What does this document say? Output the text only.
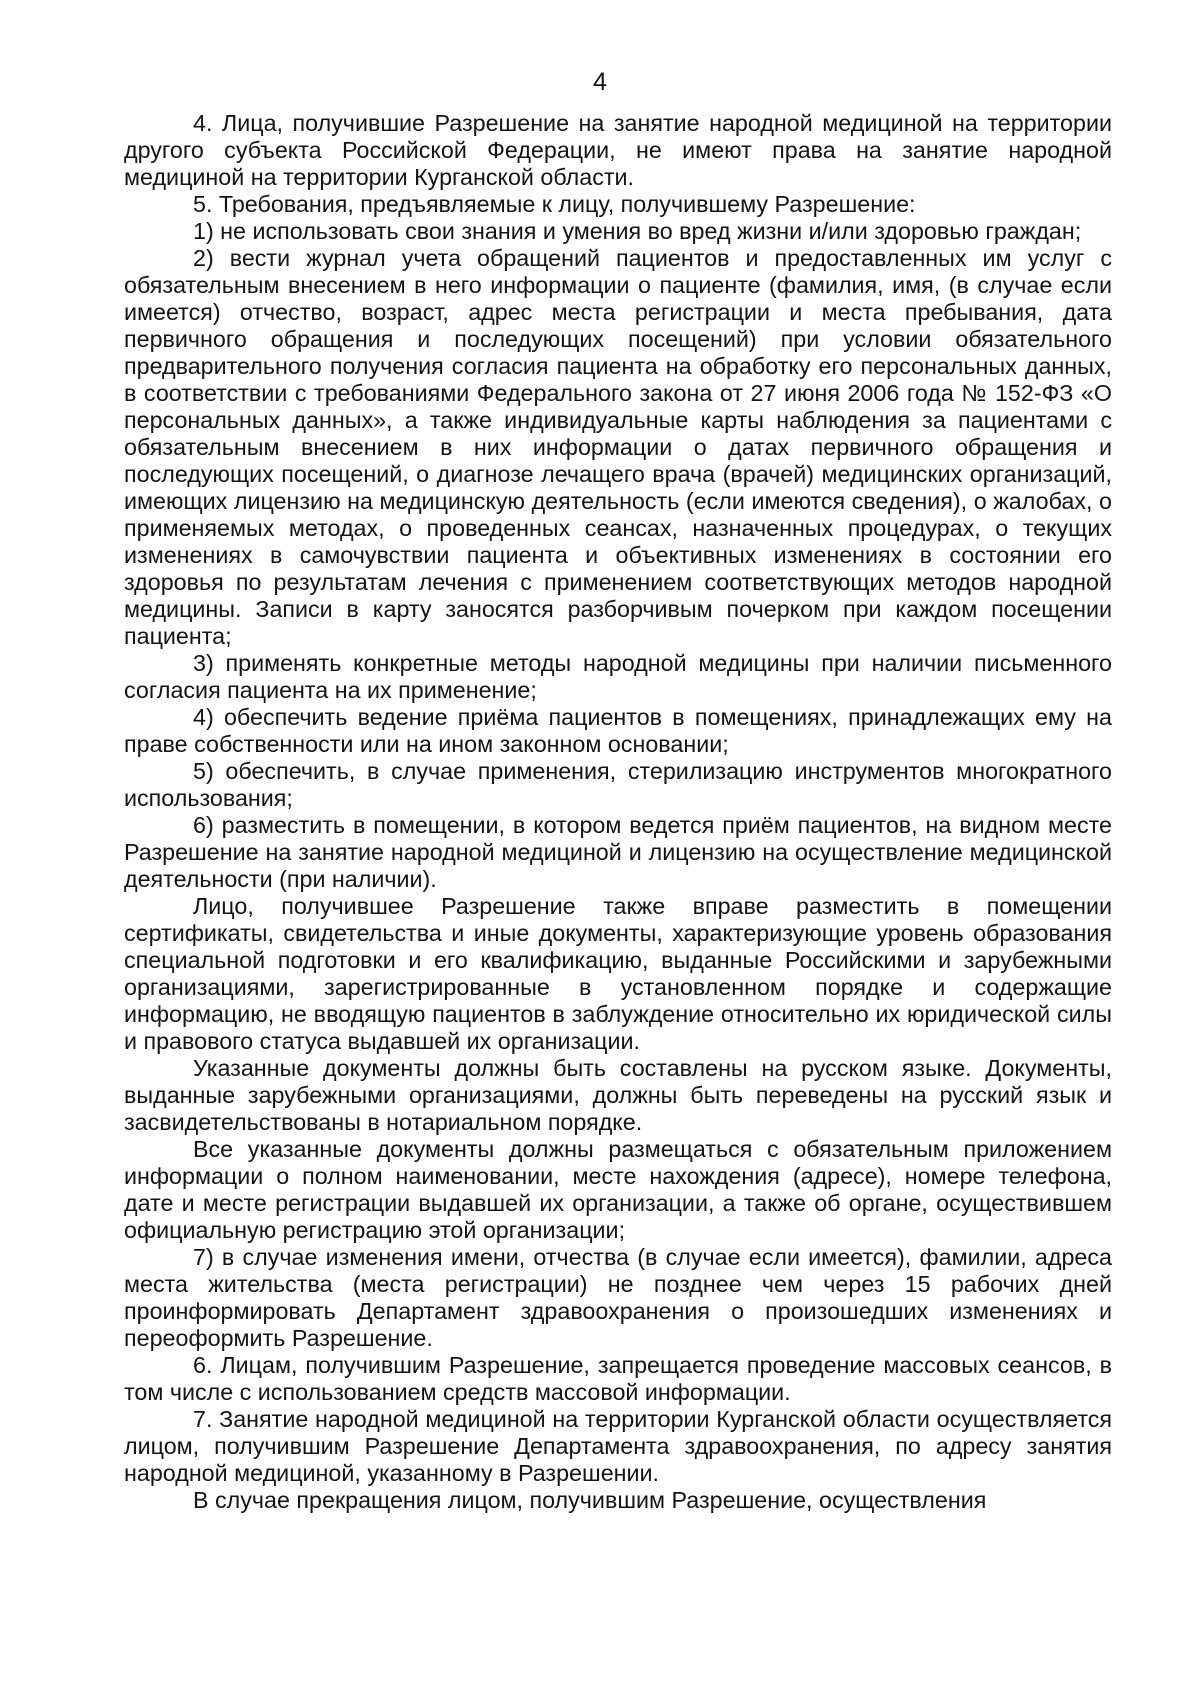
4

4. Лица, получившие Разрешение на занятие народной медициной на территории другого субъекта Российской Федерации, не имеют права на занятие народной медициной на территории Курганской области.

5. Требования, предъявляемые к лицу, получившему Разрешение:

1) не использовать свои знания и умения во вред жизни и/или здоровью граждан;

2) вести журнал учета обращений пациентов и предоставленных им услуг с обязательным внесением в него информации о пациенте (фамилия, имя, (в случае если имеется) отчество, возраст, адрес места регистрации и места пребывания, дата первичного обращения и последующих посещений) при условии обязательного предварительного получения согласия пациента на обработку его персональных данных, в соответствии с требованиями Федерального закона от 27 июня 2006 года № 152-ФЗ «О персональных данных», а также индивидуальные карты наблюдения за пациентами с обязательным внесением в них информации о датах первичного обращения и последующих посещений, о диагнозе лечащего врача (врачей) медицинских организаций, имеющих лицензию на медицинскую деятельность (если имеются сведения), о жалобах, о применяемых методах, о проведенных сеансах, назначенных процедурах, о текущих изменениях в самочувствии пациента и объективных изменениях в состоянии его здоровья по результатам лечения с применением соответствующих методов народной медицины. Записи в карту заносятся разборчивым почерком при каждом посещении пациента;

3) применять конкретные методы народной медицины при наличии письменного согласия пациента на их применение;

4) обеспечить ведение приёма пациентов в помещениях, принадлежащих ему на праве собственности или на ином законном основании;

5) обеспечить, в случае применения, стерилизацию инструментов многократного использования;

6) разместить в помещении, в котором ведется приём пациентов, на видном месте Разрешение на занятие народной медициной и лицензию на осуществление медицинской деятельности (при наличии).

Лицо, получившее Разрешение также вправе разместить в помещении сертификаты, свидетельства и иные документы, характеризующие уровень образования специальной подготовки и его квалификацию, выданные Российскими и зарубежными организациями, зарегистрированные в установленном порядке и содержащие информацию, не вводящую пациентов в заблуждение относительно их юридической силы и правового статуса выдавшей их организации.

Указанные документы должны быть составлены на русском языке. Документы, выданные зарубежными организациями, должны быть переведены на русский язык и засвидетельствованы в нотариальном порядке.

Все указанные документы должны размещаться с обязательным приложением информации о полном наименовании, месте нахождения (адресе), номере телефона, дате и месте регистрации выдавшей их организации, а также об органе, осуществившем официальную регистрацию этой организации;

7) в случае изменения имени, отчества (в случае если имеется), фамилии, адреса места жительства (места регистрации) не позднее чем через 15 рабочих дней проинформировать Департамент здравоохранения о произошедших изменениях и переоформить Разрешение.

6. Лицам, получившим Разрешение, запрещается проведение массовых сеансов, в том числе с использованием средств массовой информации.

7. Занятие народной медициной на территории Курганской области осуществляется лицом, получившим Разрешение Департамента здравоохранения, по адресу занятия народной медициной, указанному в Разрешении.

В случае прекращения лицом, получившим Разрешение, осуществления
